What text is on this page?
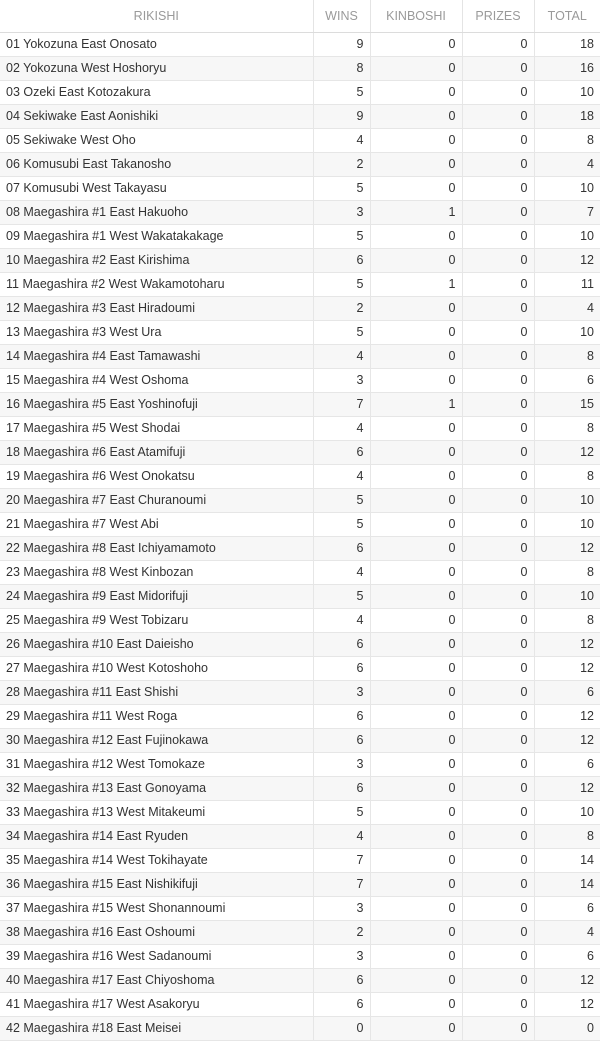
RIKISHI	WINS	KINBOSHI	PRIZES	TOTAL
01 Yokozuna East Onosato	9	0	0	18
02 Yokozuna West Hoshoryu	8	0	0	16
03 Ozeki East Kotozakura	5	0	0	10
04 Sekiwake East Aonishiki	9	0	0	18
05 Sekiwake West Oho	4	0	0	8
06 Komusubi East Takanosho	2	0	0	4
07 Komusubi West Takayasu	5	0	0	10
08 Maegashira #1 East Hakuoho	3	1	0	7
09 Maegashira #1 West Wakatakakage	5	0	0	10
10 Maegashira #2 East Kirishima	6	0	0	12
11 Maegashira #2 West Wakamotoharu	5	1	0	11
12 Maegashira #3 East Hiradoumi	2	0	0	4
13 Maegashira #3 West Ura	5	0	0	10
14 Maegashira #4 East Tamawashi	4	0	0	8
15 Maegashira #4 West Oshoma	3	0	0	6
16 Maegashira #5 East Yoshinofuji	7	1	0	15
17 Maegashira #5 West Shodai	4	0	0	8
18 Maegashira #6 East Atamifuji	6	0	0	12
19 Maegashira #6 West Onokatsu	4	0	0	8
20 Maegashira #7 East Churanoumi	5	0	0	10
21 Maegashira #7 West Abi	5	0	0	10
22 Maegashira #8 East Ichiyamamoto	6	0	0	12
23 Maegashira #8 West Kinbozan	4	0	0	8
24 Maegashira #9 East Midorifuji	5	0	0	10
25 Maegashira #9 West Tobizaru	4	0	0	8
26 Maegashira #10 East Daieisho	6	0	0	12
27 Maegashira #10 West Kotoshoho	6	0	0	12
28 Maegashira #11 East Shishi	3	0	0	6
29 Maegashira #11 West Roga	6	0	0	12
30 Maegashira #12 East Fujinokawa	6	0	0	12
31 Maegashira #12 West Tomokaze	3	0	0	6
32 Maegashira #13 East Gonoyama	6	0	0	12
33 Maegashira #13 West Mitakeumi	5	0	0	10
34 Maegashira #14 East Ryuden	4	0	0	8
35 Maegashira #14 West Tokihayate	7	0	0	14
36 Maegashira #15 East Nishikifuji	7	0	0	14
37 Maegashira #15 West Shonannoumi	3	0	0	6
38 Maegashira #16 East Oshoumi	2	0	0	4
39 Maegashira #16 West Sadanoumi	3	0	0	6
40 Maegashira #17 East Chiyoshoma	6	0	0	12
41 Maegashira #17 West Asakoryu	6	0	0	12
42 Maegashira #18 East Meisei	0	0	0	0
